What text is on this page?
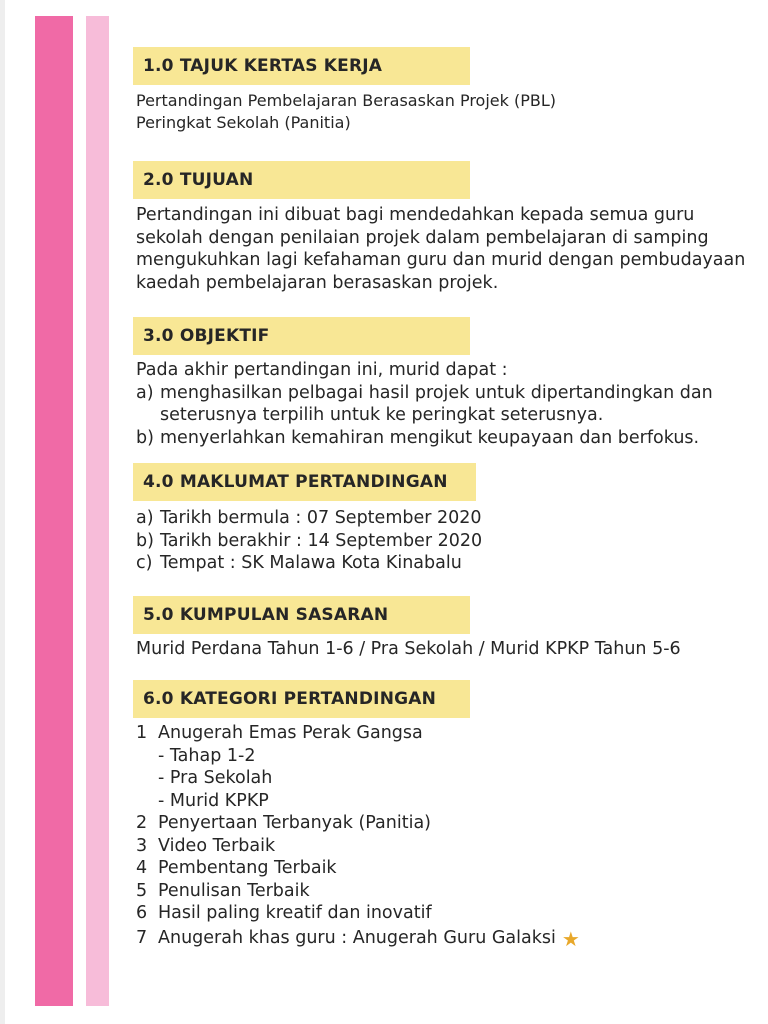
1.0 TAJUK KERTAS KERJA
Pertandingan Pembelajaran Berasaskan Projek (PBL)
Peringkat Sekolah (Panitia)
2.0 TUJUAN
Pertandingan ini dibuat bagi mendedahkan kepada semua guru
sekolah dengan penilaian projek dalam pembelajaran di samping
mengukuhkan lagi kefahaman guru dan murid dengan pembudayaan
kaedah pembelajaran berasaskan projek.
3.0 OBJEKTIF
Pada akhir pertandingan ini, murid dapat :
a) menghasilkan pelbagai hasil projek untuk dipertandingkan dan
seterusnya terpilih untuk ke peringkat seterusnya.
b) menyerlahkan kemahiran mengikut keupayaan dan berfokus.
4.0 MAKLUMAT PERTANDINGAN
a) Tarikh bermula : 07 September 2020
b) Tarikh berakhir : 14 September 2020
c) Tempat : SK Malawa Kota Kinabalu
5.0 KUMPULAN SASARAN
Murid Perdana Tahun 1-6 / Pra Sekolah / Murid KPKP Tahun 5-6
6.0 KATEGORI PERTANDINGAN
1 Anugerah Emas Perak Gangsa
- Tahap 1-2
- Pra Sekolah
- Murid KPKP
2 Penyertaan Terbanyak (Panitia)
3 Video Terbaik
4 Pembentang Terbaik
5 Penulisan Terbaik
6 Hasil paling kreatif dan inovatif
7 Anugerah khas guru : Anugerah Guru Galaksi ★
